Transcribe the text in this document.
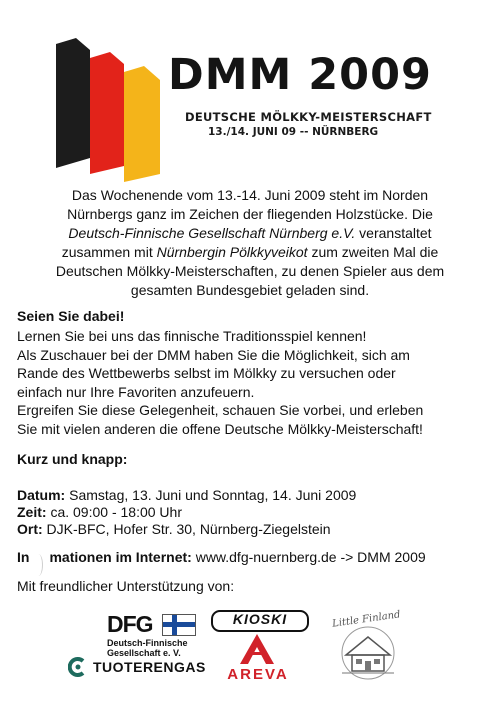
DMM 2009
DEUTSCHE MÖLKKY-MEISTERSCHAFT
13./14. JUNI 09 -- NÜRNBERG

Das Wochenende vom 13.-14. Juni 2009 steht im Norden
Nürnbergs ganz im Zeichen der fliegenden Holzstücke. Die
Deutsch-Finnische Gesellschaft Nürnberg e.V. veranstaltet
zusammen mit Nürnbergin Pölkkyveikot zum zweiten Mal die
Deutschen Mölkky-Meisterschaften, zu denen Spieler aus dem
gesamten Bundesgebiet geladen sind.

Seien Sie dabei!

Lernen Sie bei uns das finnische Traditionsspiel kennen!
Als Zuschauer bei der DMM haben Sie die Möglichkeit, sich am
Rande des Wettbewerbs selbst im Mölkky zu versuchen oder
einfach nur Ihre Favoriten anzufeuern.
Ergreifen Sie diese Gelegenheit, schauen Sie vorbei, und erleben
Sie mit vielen anderen die offene Deutsche Mölkky-Meisterschaft!

Kurz und knapp:

Datum: Samstag, 13. Juni und Sonntag, 14. Juni 2009
Zeit: ca. 09:00 - 18:00 Uhr
Ort: DJK-BFC, Hofer Str. 30, Nürnberg-Ziegelstein
In mationen im Internet: www.dfg-nuernberg.de -> DMM 2009
Mit freundlicher Unterstützung von:
DFG
Deutsch-Finnische
Gesellschaft e. V.
TUOTERENGAS
KIOSKI
AREVA
Little Finland
